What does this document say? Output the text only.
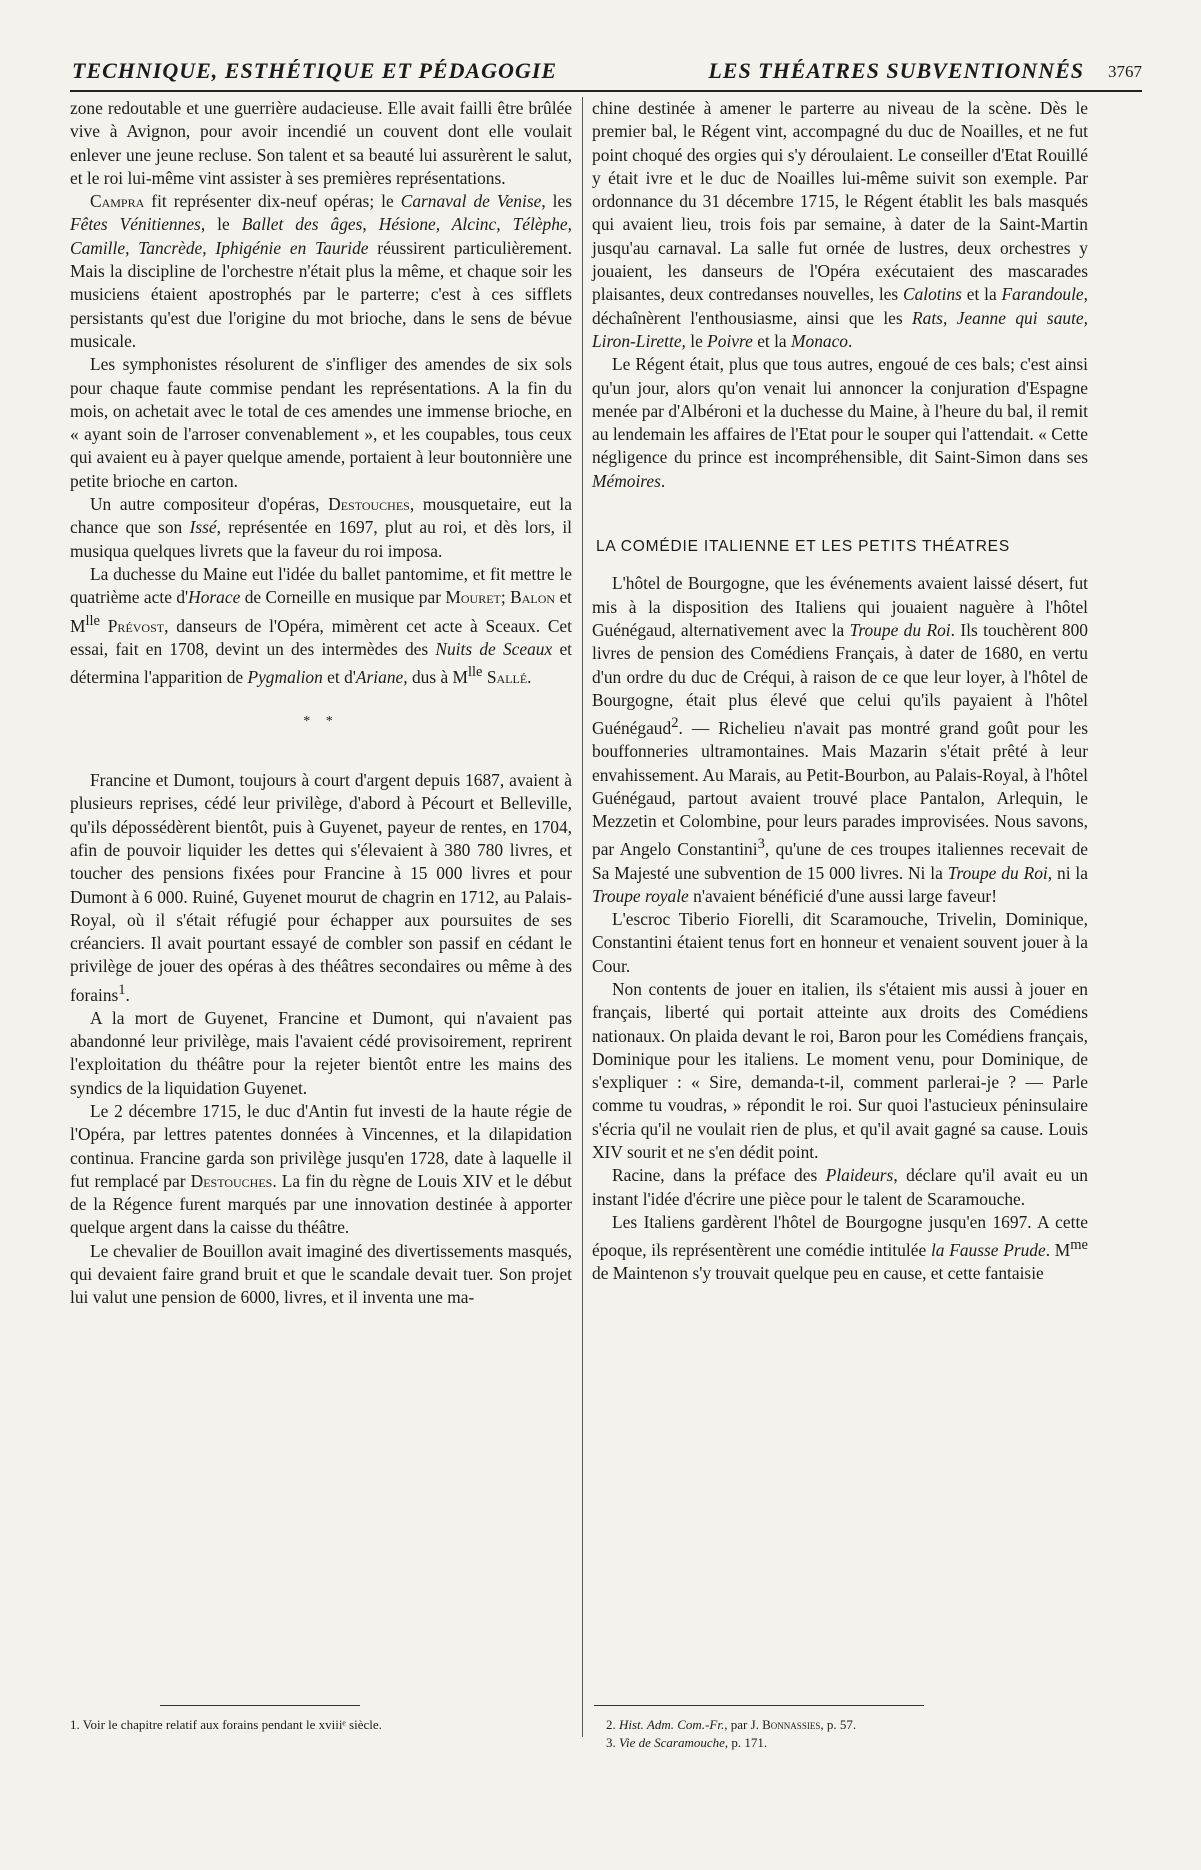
TECHNIQUE, ESTHÉTIQUE ET PÉDAGOGIE	LES THÉATRES SUBVENTIONNÉS 3767

zone redoutable et une guerrière audacieuse. Elle avait failli être brûlée vive à Avignon, pour avoir incendié un couvent dont elle voulait enlever une jeune recluse. Son talent et sa beauté lui assurèrent le salut, et le roi lui-même vint assister à ses premières représentations.

Campra fit représenter dix-neuf opéras; le Carnaval de Venise, les Fêtes Vénitiennes, le Ballet des âges, Hésione, Alcinc, Télèphe, Camille, Tancrède, Iphigénie en Tauride réussirent particulièrement. Mais la discipline de l'orchestre n'était plus la même, et chaque soir les musiciens étaient apostrophés par le parterre; c'est à ces sifflets persistants qu'est due l'origine du mot brioche, dans le sens de bévue musicale.

Les symphonistes résolurent de s'infliger des amendes de six sols pour chaque faute commise pendant les représentations. A la fin du mois, on achetait avec le total de ces amendes une immense brioche, en « ayant soin de l'arroser convenablement », et les coupables, tous ceux qui avaient eu à payer quelque amende, portaient à leur boutonnière une petite brioche en carton.

Un autre compositeur d'opéras, Destouches, mousquetaire, eut la chance que son Issé, représentée en 1697, plut au roi, et dès lors, il musiqua quelques livrets que la faveur du roi imposa.

La duchesse du Maine eut l'idée du ballet pantomime, et fit mettre le quatrième acte d'Horace de Corneille en musique par Mouret; Balon et $M^{lle}$ Prévost, danseurs de l'Opéra, mimèrent cet acte à Sceaux. Cet essai, fait en 1708, devint un des intermèdes des Nuits de Sceaux et détermina l'apparition de Pygmalion et d'Ariane, dus à $M^{lle}$ Sallé.

* *

Francine et Dumont, toujours à court d'argent depuis 1687, avaient à plusieurs reprises, cédé leur privilège, d'abord à Pécourt et Belleville, qu'ils dépossédèrent bientôt, puis à Guyenet, payeur de rentes, en 1704, afin de pouvoir liquider les dettes qui s'élevaient à 380 780 livres, et toucher des pensions fixées pour Francine à 15 000 livres et pour Dumont à 6 000. Ruiné, Guyenet mourut de chagrin en 1712, au Palais-Royal, où il s'était réfugié pour échapper aux poursuites de ses créanciers. Il avait pourtant essayé de combler son passif en cédant le privilège de jouer des opéras à des théâtres secondaires ou même à des forains$^1$.

A la mort de Guyenet, Francine et Dumont, qui n'avaient pas abandonné leur privilège, mais l'avaient cédé provisoirement, reprirent l'exploitation du théâtre pour la rejeter bientôt entre les mains des syndics de la liquidation Guyenet.

Le 2 décembre 1715, le duc d'Antin fut investi de la haute régie de l'Opéra, par lettres patentes données à Vincennes, et la dilapidation continua. Francine garda son privilège jusqu'en 1728, date à laquelle il fut remplacé par Destouches. La fin du règne de Louis XIV et le début de la Régence furent marqués par une innovation destinée à apporter quelque argent dans la caisse du théâtre.

Le chevalier de Bouillon avait imaginé des divertissements masqués, qui devaient faire grand bruit et que le scandale devait tuer. Son projet lui valut une pension de 6000, livres, et il inventa une ma-

1. Voir le chapitre relatif aux forains pendant le xviiiᵉ siècle.

chine destinée à amener le parterre au niveau de la scène. Dès le premier bal, le Régent vint, accompagné du duc de Noailles, et ne fut point choqué des orgies qui s'y déroulaient. Le conseiller d'Etat Rouillé y était ivre et le duc de Noailles lui-même suivit son exemple. Par ordonnance du 31 décembre 1715, le Régent établit les bals masqués qui avaient lieu, trois fois par semaine, à dater de la Saint-Martin jusqu'au carnaval. La salle fut ornée de lustres, deux orchestres y jouaient, les danseurs de l'Opéra exécutaient des mascarades plaisantes, deux contredanses nouvelles, les Calotins et la Farandoule, déchaînèrent l'enthousiasme, ainsi que les Rats, Jeanne qui saute, Liron-Lirette, le Poivre et la Monaco.

Le Régent était, plus que tous autres, engoué de ces bals; c'est ainsi qu'un jour, alors qu'on venait lui annoncer la conjuration d'Espagne menée par d'Albéroni et la duchesse du Maine, à l'heure du bal, il remit au lendemain les affaires de l'Etat pour le souper qui l'attendait. « Cette négligence du prince est incompréhensible, dit Saint-Simon dans ses Mémoires.

LA COMÉDIE ITALIENNE ET LES PETITS THÉATRES

L'hôtel de Bourgogne, que les événements avaient laissé désert, fut mis à la disposition des Italiens qui jouaient naguère à l'hôtel Guénégaud, alternativement avec la Troupe du Roi. Ils touchèrent 800 livres de pension des Comédiens Français, à dater de 1680, en vertu d'un ordre du duc de Créqui, à raison de ce que leur loyer, à l'hôtel de Bourgogne, était plus élevé que celui qu'ils payaient à l'hôtel Guénégaud$^2$. — Richelieu n'avait pas montré grand goût pour les bouffonneries ultramontaines. Mais Mazarin s'était prêté à leur envahissement. Au Marais, au Petit-Bourbon, au Palais-Royal, à l'hôtel Guénégaud, partout avaient trouvé place Pantalon, Arlequin, le Mezzetin et Colombine, pour leurs parades improvisées. Nous savons, par Angelo Constantini$^3$, qu'une de ces troupes italiennes recevait de Sa Majesté une subvention de 15 000 livres. Ni la Troupe du Roi, ni la Troupe royale n'avaient bénéficié d'une aussi large faveur!

L'escroc Tiberio Fiorelli, dit Scaramouche, Trivelin, Dominique, Constantini étaient tenus fort en honneur et venaient souvent jouer à la Cour.

Non contents de jouer en italien, ils s'étaient mis aussi à jouer en français, liberté qui portait atteinte aux droits des Comédiens nationaux. On plaida devant le roi, Baron pour les Comédiens français, Dominique pour les italiens. Le moment venu, pour Dominique, de s'expliquer : « Sire, demanda-t-il, comment parlerai-je ? — Parle comme tu voudras, » répondit le roi. Sur quoi l'astucieux péninsulaire s'écria qu'il ne voulait rien de plus, et qu'il avait gagné sa cause. Louis XIV sourit et ne s'en dédit point.

Racine, dans la préface des Plaideurs, déclare qu'il avait eu un instant l'idée d'écrire une pièce pour le talent de Scaramouche.

Les Italiens gardèrent l'hôtel de Bourgogne jusqu'en 1697. A cette époque, ils représentèrent une comédie intitulée la Fausse Prude. $M^{me}$ de Maintenon s'y trouvait quelque peu en cause, et cette fantaisie

2. Hist. Adm. Com.-Fr., par J. Bonnassies, p. 57.
3. Vie de Scaramouche, p. 171.
